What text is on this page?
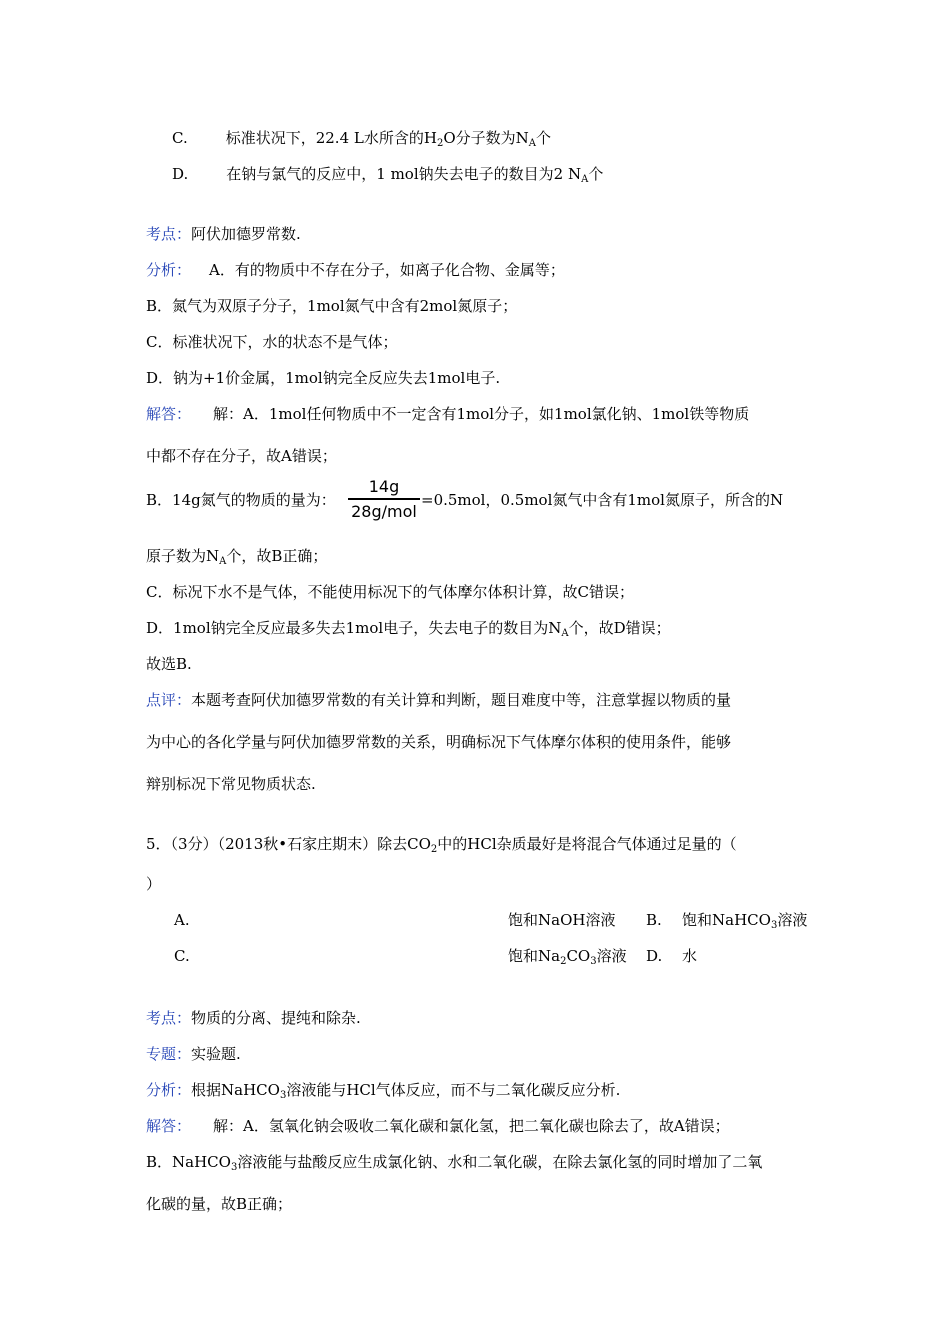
C.	标准状况下，22.4 L水所含的$H_2O$分子数为$N_A$个
D.	在钠与氯气的反应中，1 mol钠失去电子的数目为2 $N_A$个
考点：阿伏加德罗常数.
分析： A．有的物质中不存在分子，如离子化合物、金属等；
B．氮气为双原子分子，1mol氮气中含有2mol氮原子；
C．标准状况下，水的状态不是气体；
D．钠为+1价金属，1mol钠完全反应失去1mol电子.
解答： 解：A．1mol任何物质中不一定含有1mol分子，如1mol氯化钠、1mol铁等物质
中都不存在分子，故A错误；
B．14g氮气的物质的量为：
14g
28g/mol
=0.5mol，0.5mol氮气中含有1mol氮原子，所含的N
原子数为$N_A$个，故B正确；
C．标况下水不是气体，不能使用标况下的气体摩尔体积计算，故C错误；
D．1mol钠完全反应最多失去1mol电子，失去电子的数目为$N_A$个，故D错误；
故选B.
点评：本题考查阿伏加德罗常数的有关计算和判断，题目难度中等，注意掌握以物质的量
为中心的各化学量与阿伏加德罗常数的关系，明确标况下气体摩尔体积的使用条件，能够
辩别标况下常见物质状态.
5．（3分）（2013秋•石家庄期末）除去$CO_2$中的HCl杂质最好是将混合气体通过足量的（
）
A.	饱和NaOH溶液 B. 饱和NaHCO$_3$溶液
C.	饱和$Na_2CO_3$溶液 D. 水
考点：物质的分离、提纯和除杂.
专题：实验题.
分析：根据NaHCO$_3$溶液能与HCl气体反应，而不与二氧化碳反应分析.
解答： 解：A．氢氧化钠会吸收二氧化碳和氯化氢，把二氧化碳也除去了，故A错误；
B．NaHCO$_3$溶液能与盐酸反应生成氯化钠、水和二氧化碳，在除去氯化氢的同时增加了二氧
化碳的量，故B正确；
